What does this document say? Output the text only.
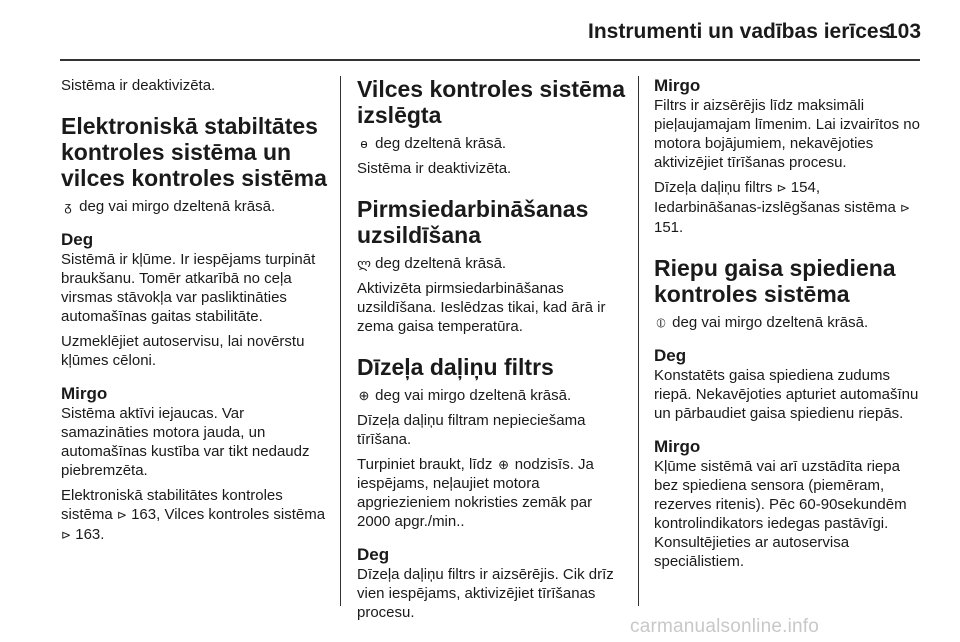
Instrumenti un vadības ierīces
103

Sistēma ir deaktivizēta.

Elektroniskā stabiltātes kontroles sistēma un vilces kontroles sistēma

ᵹ deg vai mirgo dzeltenā krāsā.

Deg

Sistēmā ir kļūme. Ir iespējams turpināt braukšanu. Tomēr atkarībā no ceļa virsmas stāvokļa var pasliktināties automašīnas gaitas stabilitāte.

Uzmeklējiet autoservisu, lai novērstu kļūmes cēloni.

Mirgo

Sistēma aktīvi iejaucas. Var samazināties motora jauda, un automašīnas kustība var tikt nedaudz piebremzēta.

Elektroniskā stabilitātes kontroles sistēma ⊳ 163, Vilces kontroles sistēma ⊳ 163.

Vilces kontroles sistēma izslēgta

ɵ deg dzeltenā krāsā.

Sistēma ir deaktivizēta.

Pirmsiedarbināšanas uzsildīšana

ლ deg dzeltenā krāsā.

Aktivizēta pirmsiedarbināšanas uzsildīšana. Ieslēdzas tikai, kad ārā ir zema gaisa temperatūra.

Dīzeļa daļiņu filtrs

⊕ deg vai mirgo dzeltenā krāsā.

Dīzeļa daļiņu filtram nepieciešama tīrīšana.

Turpiniet braukt, līdz ⊕ nodzisīs. Ja iespējams, neļaujiet motora apgriezieniem nokristies zemāk par 2000 apgr./min..

Deg

Dīzeļa daļiņu filtrs ir aizsērējis. Cik drīz vien iespējams, aktivizējiet tīrīšanas procesu.

Mirgo

Filtrs ir aizsērējis līdz maksimāli pieļaujamajam līmenim. Lai izvairītos no motora bojājumiem, nekavējoties aktivizējiet tīrīšanas procesu.

Dīzeļa daļiņu filtrs ⊳ 154, Iedarbināšanas-izslēgšanas sistēma ⊳ 151.

Riepu gaisa spiediena kontroles sistēma

⦶ deg vai mirgo dzeltenā krāsā.

Deg

Konstatēts gaisa spiediena zudums riepā. Nekavējoties apturiet automašīnu un pārbaudiet gaisa spiedienu riepās.

Mirgo

Kļūme sistēmā vai arī uzstādīta riepa bez spiediena sensora (piemēram, rezerves ritenis). Pēc 60-90sekundēm kontrolindikators iedegas pastāvīgi. Konsultējieties ar autoservisa speciālistiem.

carmanualsonline.info
